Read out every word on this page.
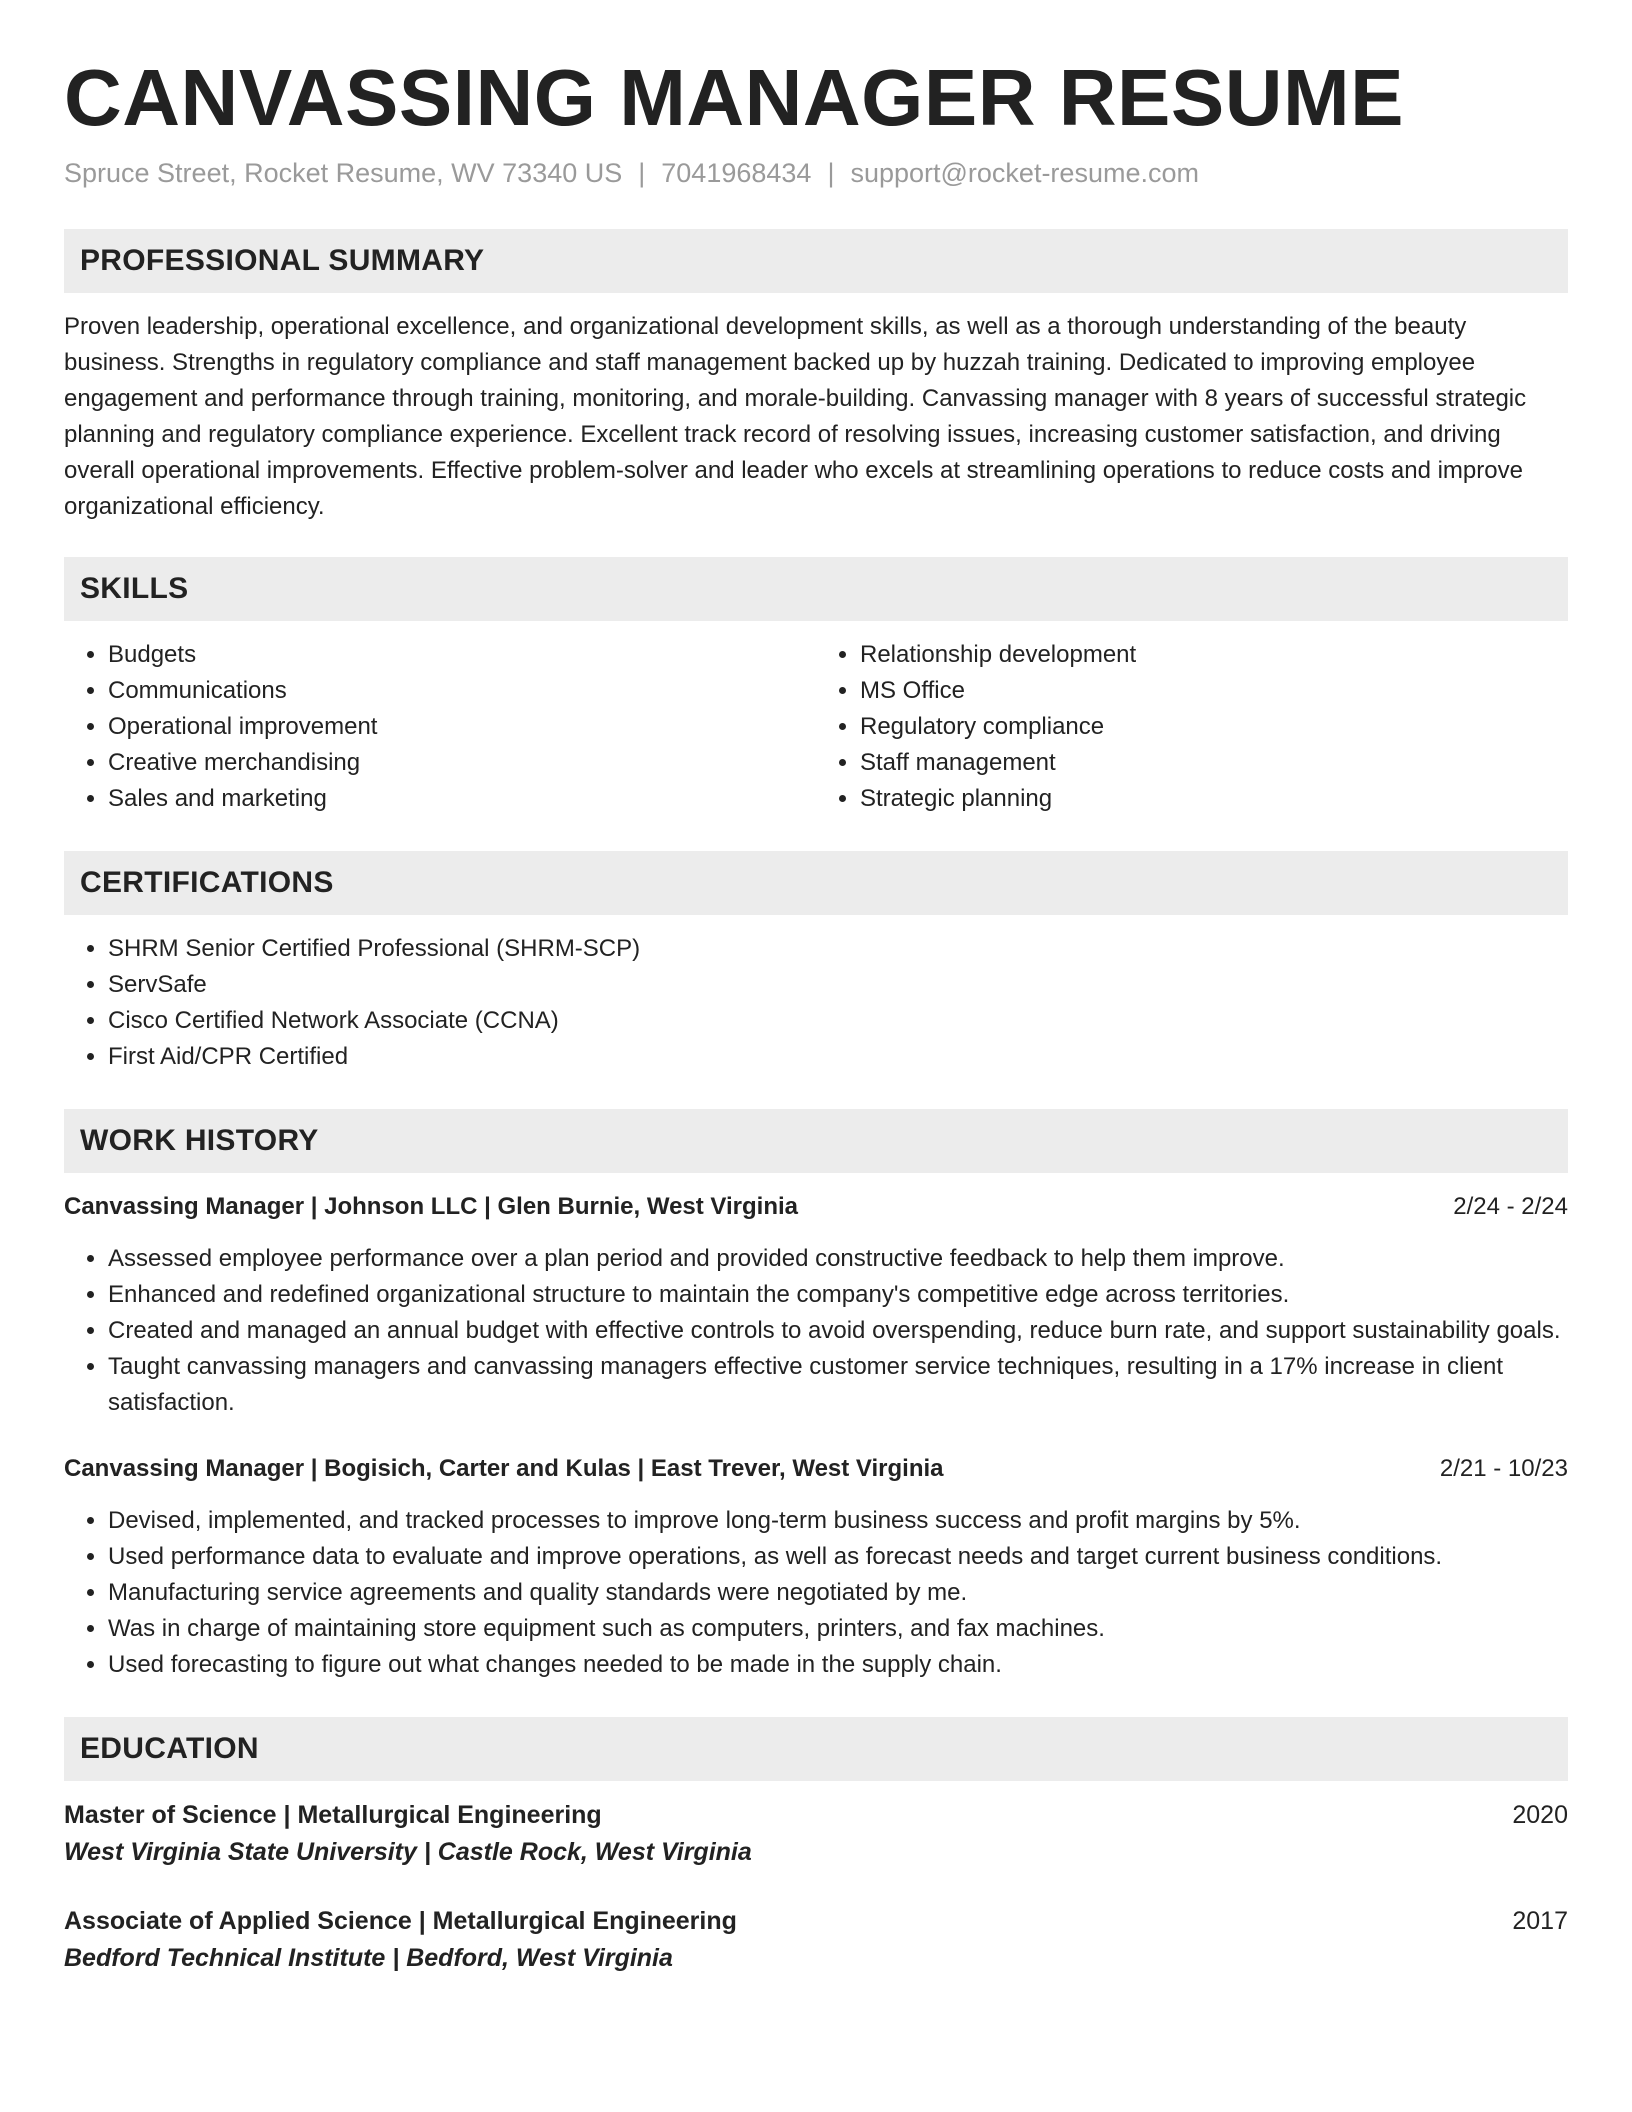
CANVASSING MANAGER RESUME
Spruce Street, Rocket Resume, WV 73340 US | 7041968434 | support@rocket-resume.com
PROFESSIONAL SUMMARY

Proven leadership, operational excellence, and organizational development skills, as well as a thorough understanding of the beauty business. Strengths in regulatory compliance and staff management backed up by huzzah training. Dedicated to improving employee engagement and performance through training, monitoring, and morale-building. Canvassing manager with 8 years of successful strategic planning and regulatory compliance experience. Excellent track record of resolving issues, increasing customer satisfaction, and driving overall operational improvements. Effective problem-solver and leader who excels at streamlining operations to reduce costs and improve organizational efficiency.

SKILLS
• Budgets
• Communications
• Operational improvement
• Creative merchandising
• Sales and marketing
• Relationship development
• MS Office
• Regulatory compliance
• Staff management
• Strategic planning
CERTIFICATIONS
• SHRM Senior Certified Professional (SHRM-SCP)
• ServSafe
• Cisco Certified Network Associate (CCNA)
• First Aid/CPR Certified
WORK HISTORY
Canvassing Manager | Johnson LLC | Glen Burnie, West Virginia	2/24 - 2/24
• Assessed employee performance over a plan period and provided constructive feedback to help them improve.
• Enhanced and redefined organizational structure to maintain the company's competitive edge across territories.
• Created and managed an annual budget with effective controls to avoid overspending, reduce burn rate, and support sustainability goals.
• Taught canvassing managers and canvassing managers effective customer service techniques, resulting in a 17% increase in client satisfaction.
Canvassing Manager | Bogisich, Carter and Kulas | East Trever, West Virginia	2/21 - 10/23
• Devised, implemented, and tracked processes to improve long-term business success and profit margins by 5%.
• Used performance data to evaluate and improve operations, as well as forecast needs and target current business conditions.
• Manufacturing service agreements and quality standards were negotiated by me.
• Was in charge of maintaining store equipment such as computers, printers, and fax machines.
• Used forecasting to figure out what changes needed to be made in the supply chain.
EDUCATION
Master of Science | Metallurgical Engineering	2020
West Virginia State University | Castle Rock, West Virginia
Associate of Applied Science | Metallurgical Engineering	2017
Bedford Technical Institute | Bedford, West Virginia
